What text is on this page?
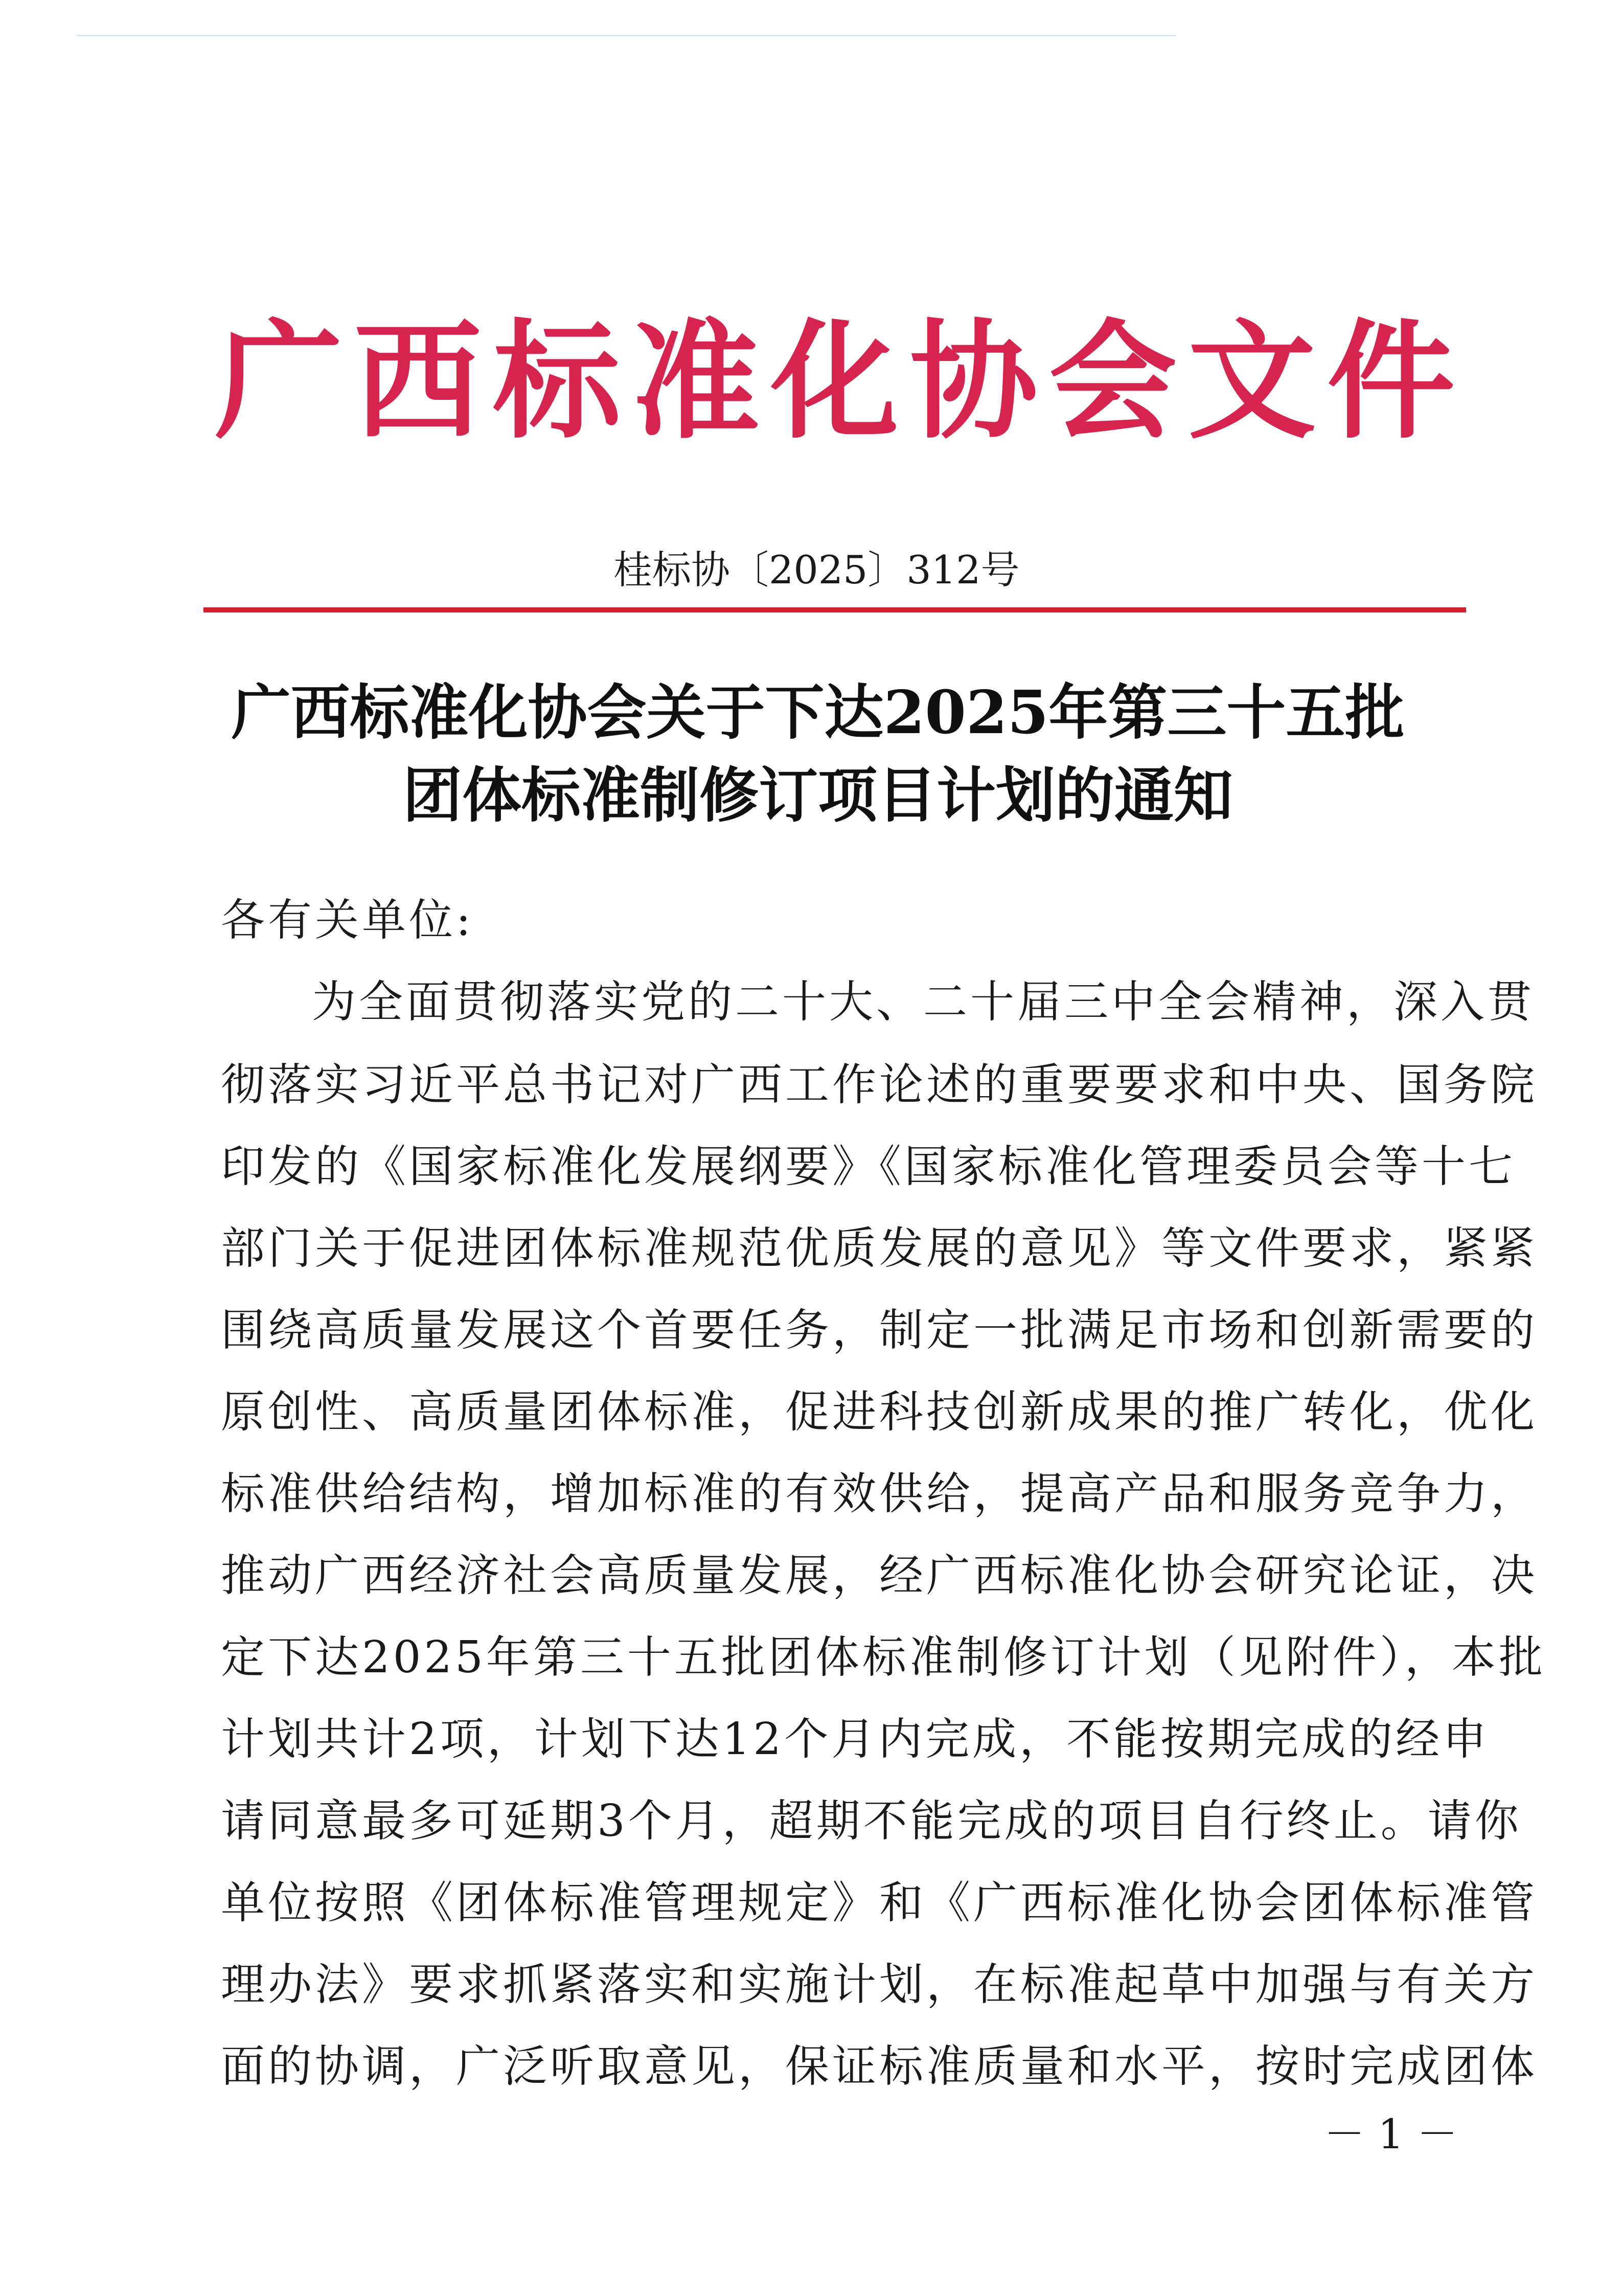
广西标准化协会文件
桂标协〔2025〕312号
广西标准化协会关于下达2025年第三十五批
团体标准制修订项目计划的通知
各有关单位:
为全面贯彻落实党的二十大、二十届三中全会精神，深入贯
彻落实习近平总书记对广西工作论述的重要要求和中央、国务院
印发的《国家标准化发展纲要》《国家标准化管理委员会等十七
部门关于促进团体标准规范优质发展的意见》等文件要求，紧紧
围绕高质量发展这个首要任务，制定一批满足市场和创新需要的
原创性、高质量团体标准，促进科技创新成果的推广转化，优化
标准供给结构，增加标准的有效供给，提高产品和服务竞争力，
推动广西经济社会高质量发展，经广西标准化协会研究论证，决
定下达2025年第三十五批团体标准制修订计划（见附件），本批
计划共计2项，计划下达12个月内完成，不能按期完成的经申
请同意最多可延期3个月，超期不能完成的项目自行终止。请你
单位按照《团体标准管理规定》和《广西标准化协会团体标准管
理办法》要求抓紧落实和实施计划，在标准起草中加强与有关方
面的协调，广泛听取意见，保证标准质量和水平，按时完成团体
－ 1 －
